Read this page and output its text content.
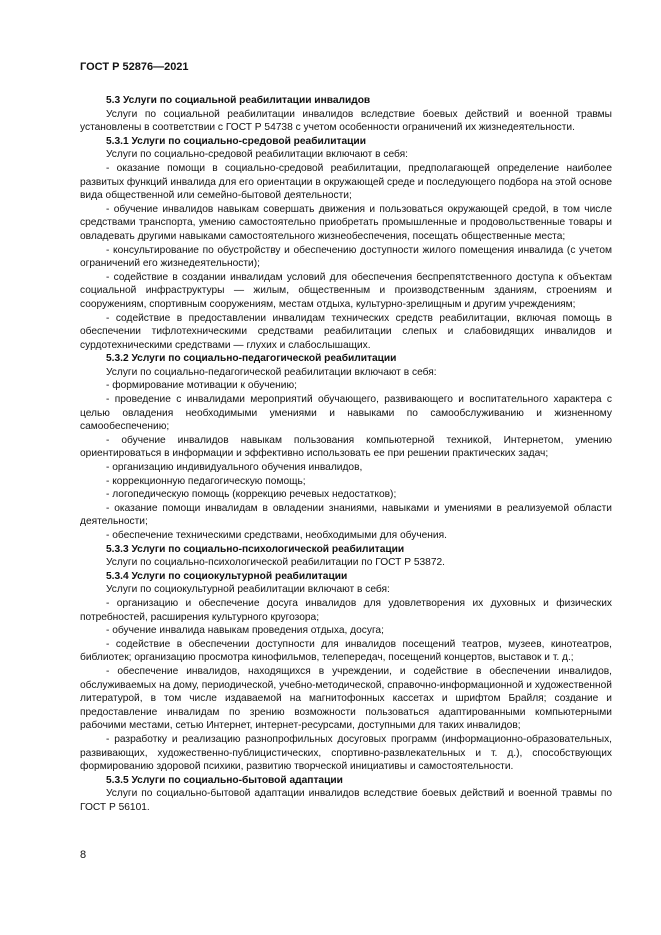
ГОСТ Р 52876—2021

5.3 Услуги по социальной реабилитации инвалидов

Услуги по социальной реабилитации инвалидов вследствие боевых действий и военной травмы установлены в соответствии с ГОСТ Р 54738 с учетом особенности ограничений их жизнедеятельности.

5.3.1 Услуги по социально-средовой реабилитации

Услуги по социально-средовой реабилитации включают в себя:

- оказание помощи в социально-средовой реабилитации, предполагающей определение наиболее развитых функций инвалида для его ориентации в окружающей среде и последующего подбора на этой основе вида общественной или семейно-бытовой деятельности;

- обучение инвалидов навыкам совершать движения и пользоваться окружающей средой, в том числе средствами транспорта, умению самостоятельно приобретать промышленные и продовольственные товары и овладевать другими навыками самостоятельного жизнеобеспечения, посещать общественные места;

- консультирование по обустройству и обеспечению доступности жилого помещения инвалида (с учетом ограничений его жизнедеятельности);

- содействие в создании инвалидам условий для обеспечения беспрепятственного доступа к объектам социальной инфраструктуры — жилым, общественным и производственным зданиям, строениям и сооружениям, спортивным сооружениям, местам отдыха, культурно-зрелищным и другим учреждениям;

- содействие в предоставлении инвалидам технических средств реабилитации, включая помощь в обеспечении тифлотехническими средствами реабилитации слепых и слабовидящих инвалидов и сурдотехническими средствами — глухих и слабослышащих.

5.3.2 Услуги по социально-педагогической реабилитации

Услуги по социально-педагогической реабилитации включают в себя:

- формирование мотивации к обучению;

- проведение с инвалидами мероприятий обучающего, развивающего и воспитательного характера с целью овладения необходимыми умениями и навыками по самообслуживанию и жизненному самообеспечению;

- обучение инвалидов навыкам пользования компьютерной техникой, Интернетом, умению ориентироваться в информации и эффективно использовать ее при решении практических задач;

- организацию индивидуального обучения инвалидов,

- коррекционную педагогическую помощь;

- логопедическую помощь (коррекцию речевых недостатков);

- оказание помощи инвалидам в овладении знаниями, навыками и умениями в реализуемой области деятельности;

- обеспечение техническими средствами, необходимыми для обучения.

5.3.3 Услуги по социально-психологической реабилитации

Услуги по социально-психологической реабилитации по ГОСТ Р 53872.

5.3.4 Услуги по социокультурной реабилитации

Услуги по социокультурной реабилитации включают в себя:

- организацию и обеспечение досуга инвалидов для удовлетворения их духовных и физических потребностей, расширения культурного кругозора;

- обучение инвалида навыкам проведения отдыха, досуга;

- содействие в обеспечении доступности для инвалидов посещений театров, музеев, кинотеатров, библиотек; организацию просмотра кинофильмов, телепередач, посещений концертов, выставок и т. д.;

- обеспечение инвалидов, находящихся в учреждении, и содействие в обеспечении инвалидов, обслуживаемых на дому, периодической, учебно-методической, справочно-информационной и художественной литературой, в том числе издаваемой на магнитофонных кассетах и шрифтом Брайля; создание и предоставление инвалидам по зрению возможности пользоваться адаптированными компьютерными рабочими местами, сетью Интернет, интернет-ресурсами, доступными для таких инвалидов;

- разработку и реализацию разнопрофильных досуговых программ (информационно-образовательных, развивающих, художественно-публицистических, спортивно-развлекательных и т. д.), способствующих формированию здоровой психики, развитию творческой инициативы и самостоятельности.

5.3.5 Услуги по социально-бытовой адаптации

Услуги по социально-бытовой адаптации инвалидов вследствие боевых действий и военной травмы по ГОСТ Р 56101.

8
